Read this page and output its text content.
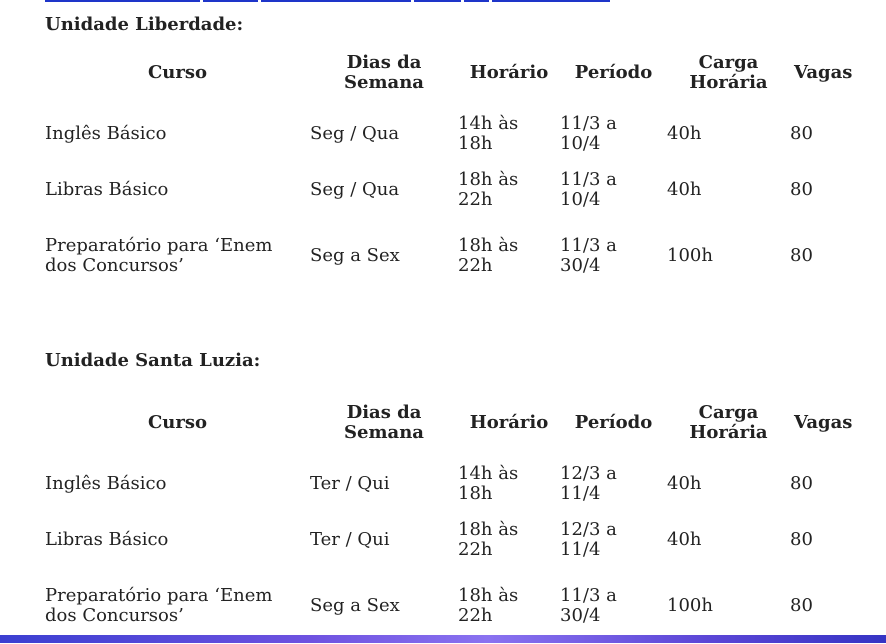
Unidade Liberdade:
Curso	Dias da Semana	Horário	Período	Carga Horária	Vagas
Inglês Básico	Seg / Qua	14h às 18h	11/3 a 10/4	40h	80
Libras Básico	Seg / Qua	18h às 22h	11/3 a 10/4	40h	80
Preparatório para ‘Enem dos Concursos’	Seg a Sex	18h às 22h	11/3 a 30/4	100h	80
Unidade Santa Luzia:
Curso	Dias da Semana	Horário	Período	Carga Horária	Vagas
Inglês Básico	Ter / Qui	14h às 18h	12/3 a 11/4	40h	80
Libras Básico	Ter / Qui	18h às 22h	12/3 a 11/4	40h	80
Preparatório para ‘Enem dos Concursos’	Seg a Sex	18h às 22h	11/3 a 30/4	100h	80
